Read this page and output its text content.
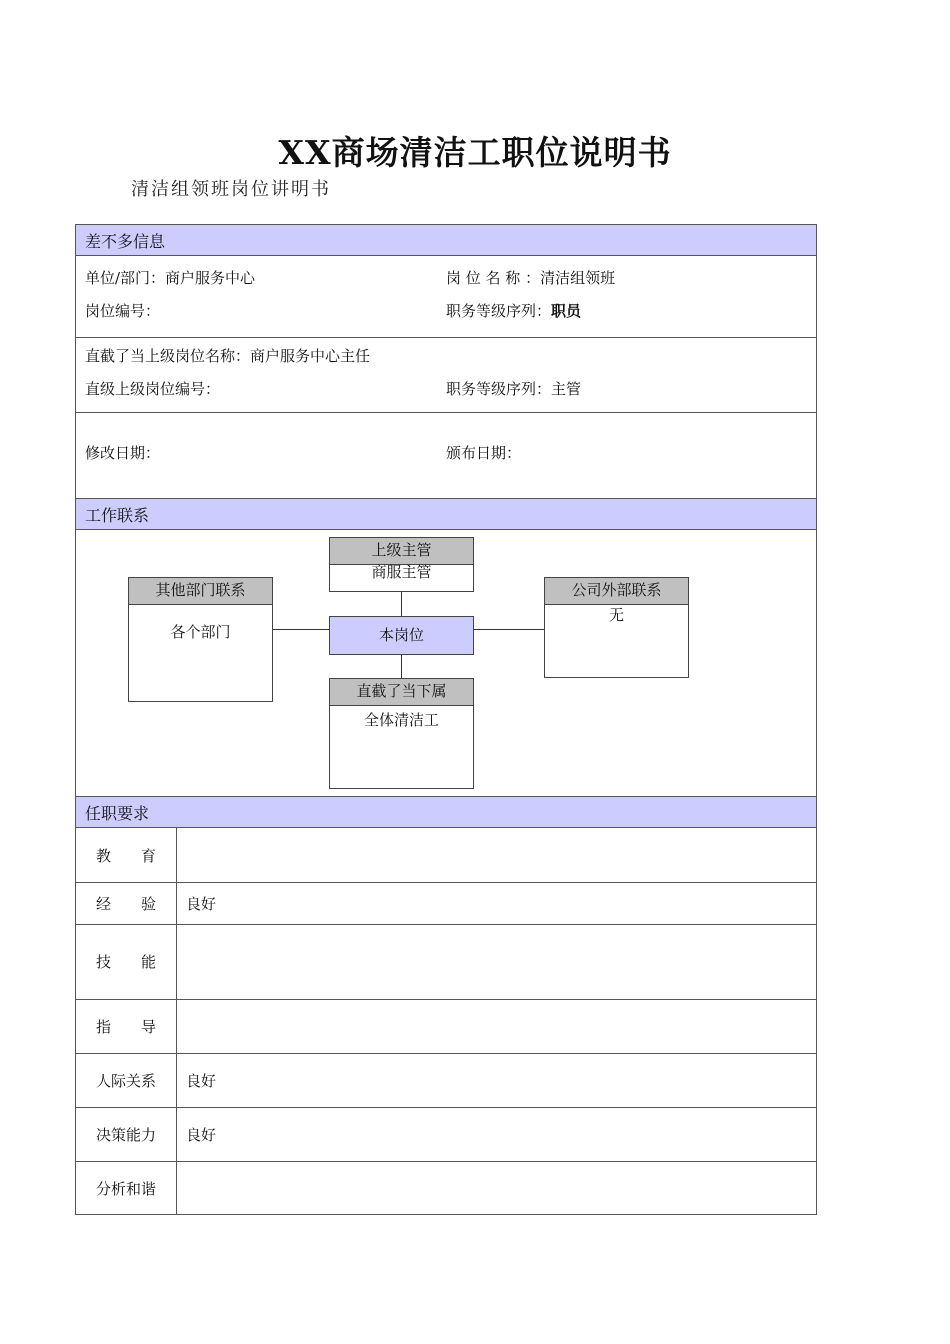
XX商场清洁工职位说明书
清洁组领班岗位讲明书
差不多信息
单位/部门：商户服务中心	岗 位 名 称 ：清洁组领班
岗位编号：	职务等级序列：职员
直截了当上级岗位名称：商户服务中心主任
直级上级岗位编号：	职务等级序列：主管
修改日期：	颁布日期：
工作联系
上级主管
商服主管
其他部门联系
各个部门	本岗位
公司外部联系
无
直截了当下属
全体清洁工
任职要求
教　　育
经　　验	良好
技　　能
指　　导
人际关系	良好
决策能力	良好
分析和谐
